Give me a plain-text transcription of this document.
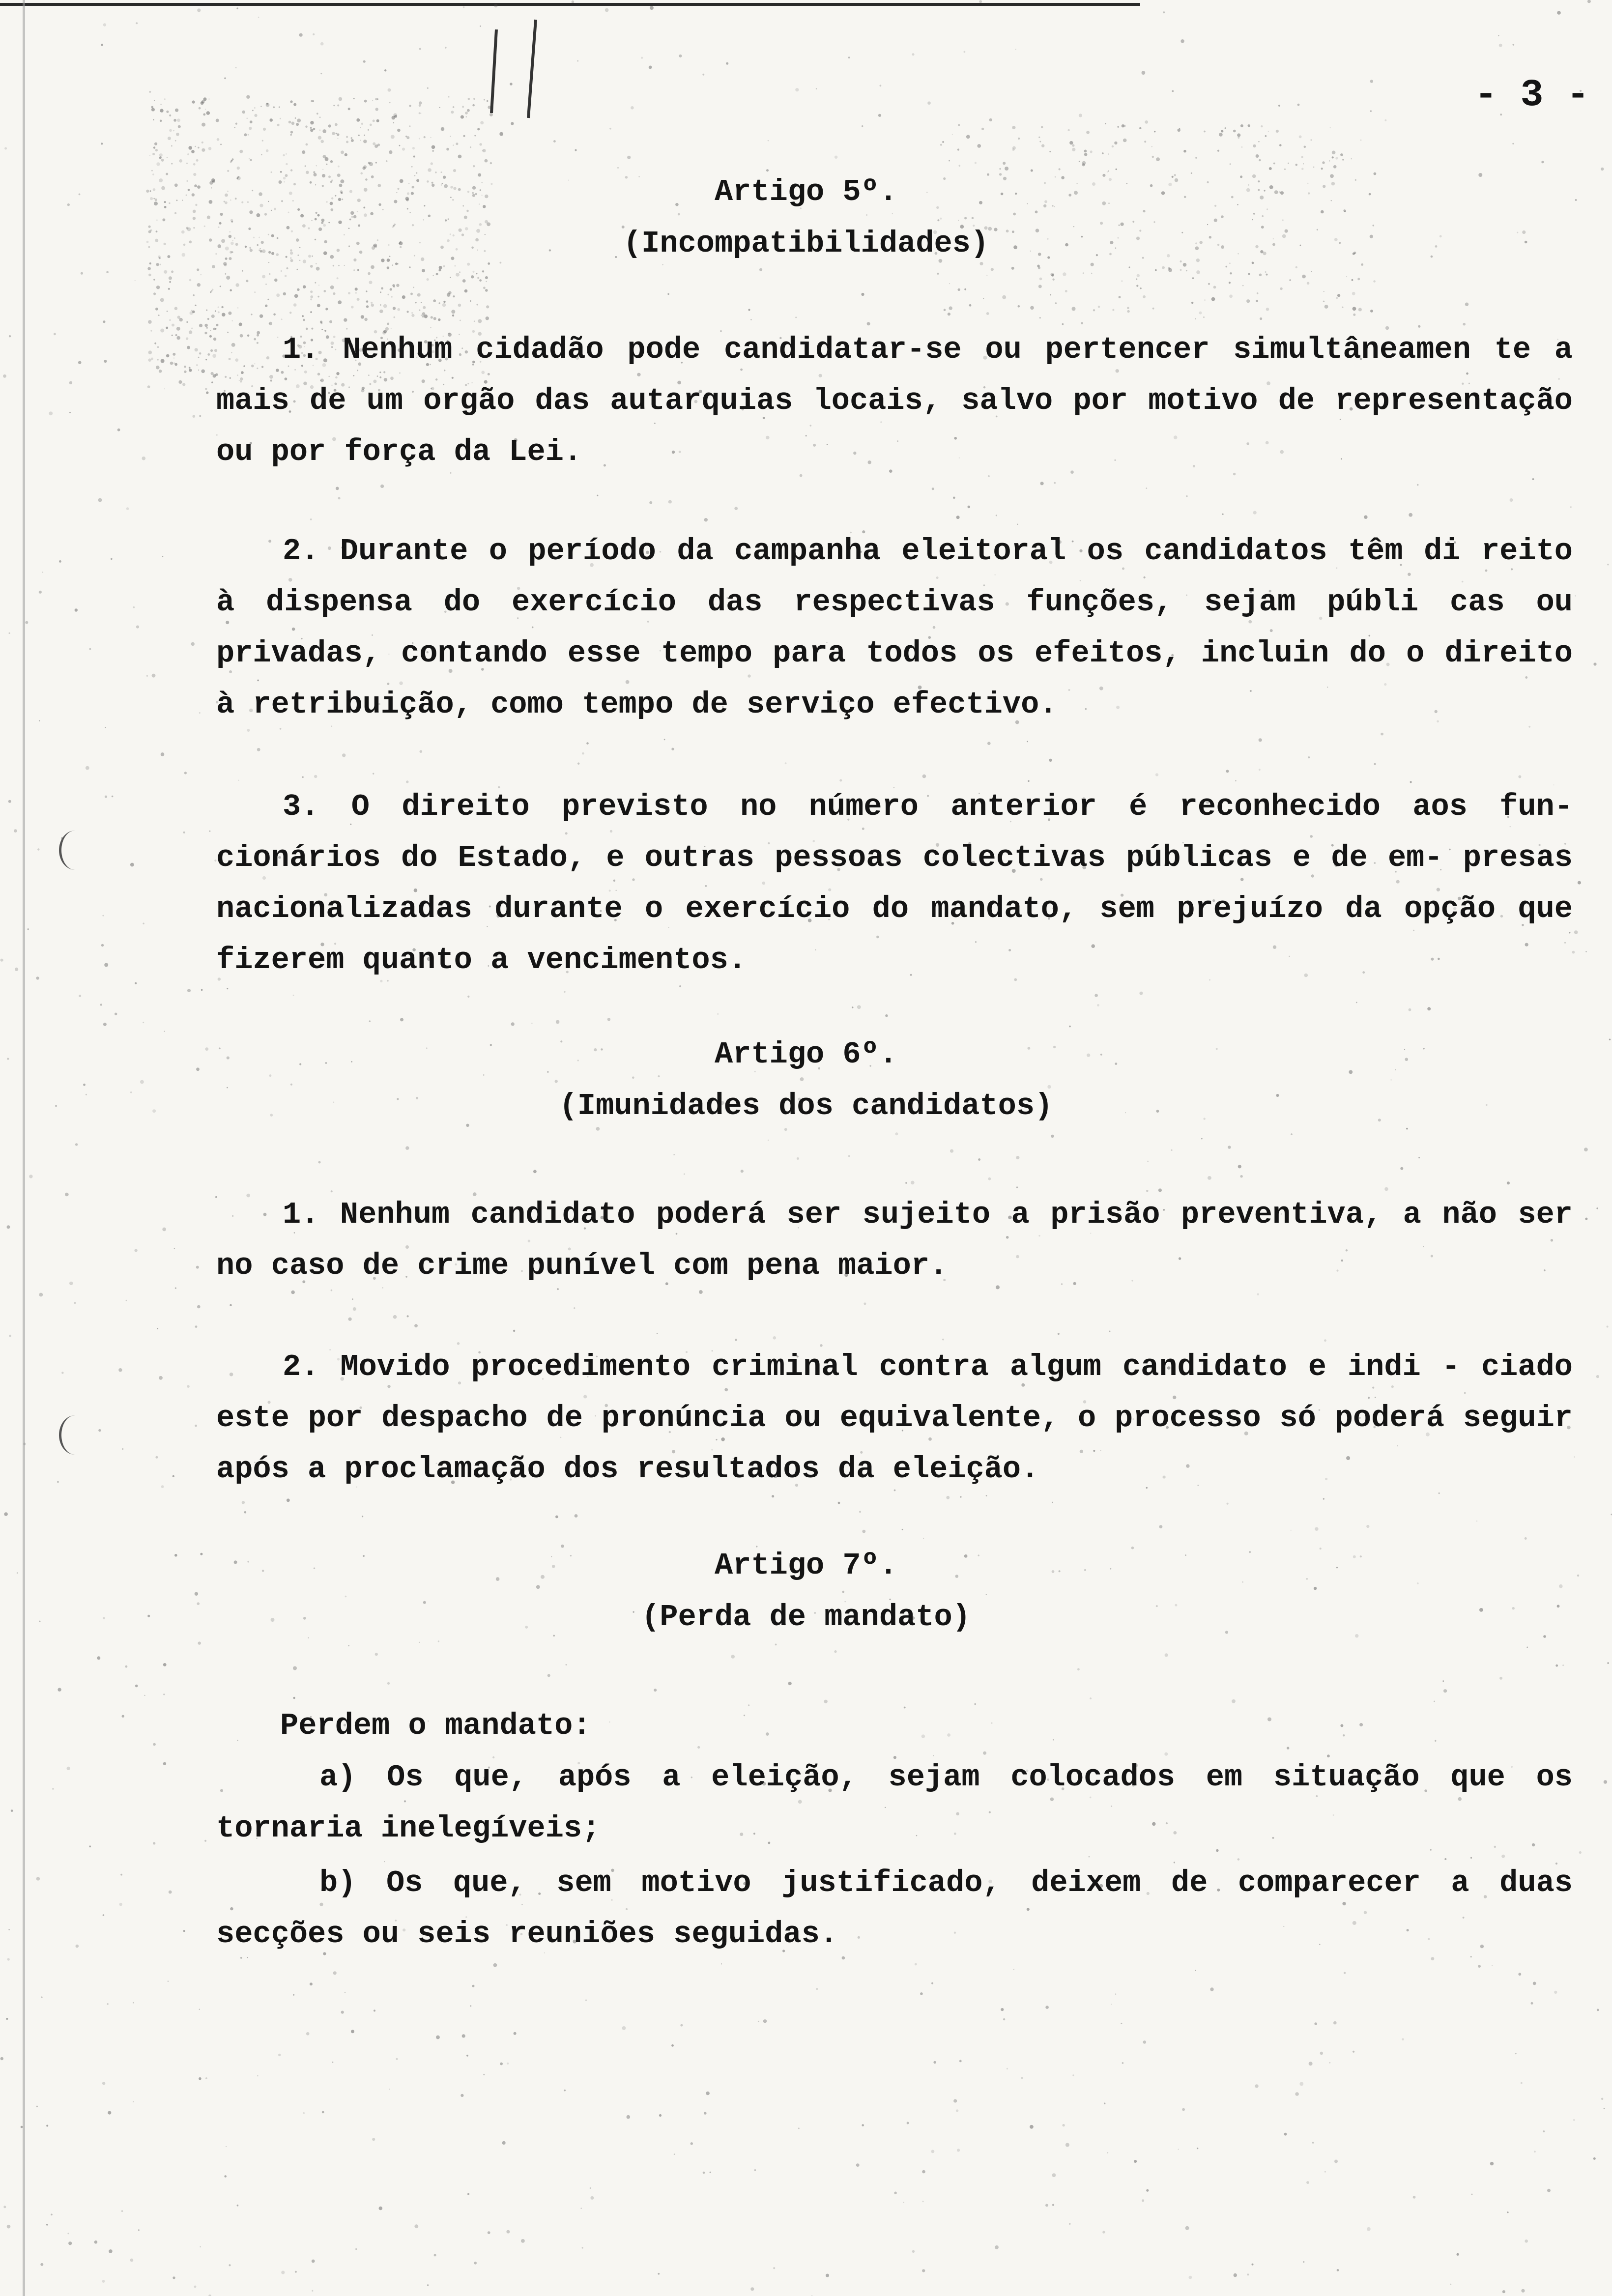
- 3 -
Artigo 5º.
(Incompatibilidades)
1. Nenhum cidadão pode candidatar-se ou pertencer simultâneamen te a mais de um orgão das autarquias locais, salvo por motivo de representação ou por força da Lei.
2. Durante o período da campanha eleitoral os candidatos têm di reito à dispensa do exercício das respectivas funções, sejam públi cas ou privadas, contando esse tempo para todos os efeitos, incluin do o direito à retribuição, como tempo de serviço efectivo.
3. O direito previsto no número anterior é reconhecido aos fun- cionários do Estado, e outras pessoas colectivas públicas e de em- presas nacionalizadas durante o exercício do mandato, sem prejuízo da opção que fizerem quanto a vencimentos.
Artigo 6º.
(Imunidades dos candidatos)
1. Nenhum candidato poderá ser sujeito a prisão preventiva, a não ser no caso de crime punível com pena maior.
2. Movido procedimento criminal contra algum candidato e indi - ciado este por despacho de pronúncia ou equivalente, o processo só poderá seguir após a proclamação dos resultados da eleição.
Artigo 7º.
(Perda de mandato)
Perdem o mandato:
a) Os que, após a eleição, sejam colocados em situação que os tornaria inelegíveis;
b) Os que, sem motivo justificado, deixem de comparecer a duas secções ou seis reuniões seguidas.
